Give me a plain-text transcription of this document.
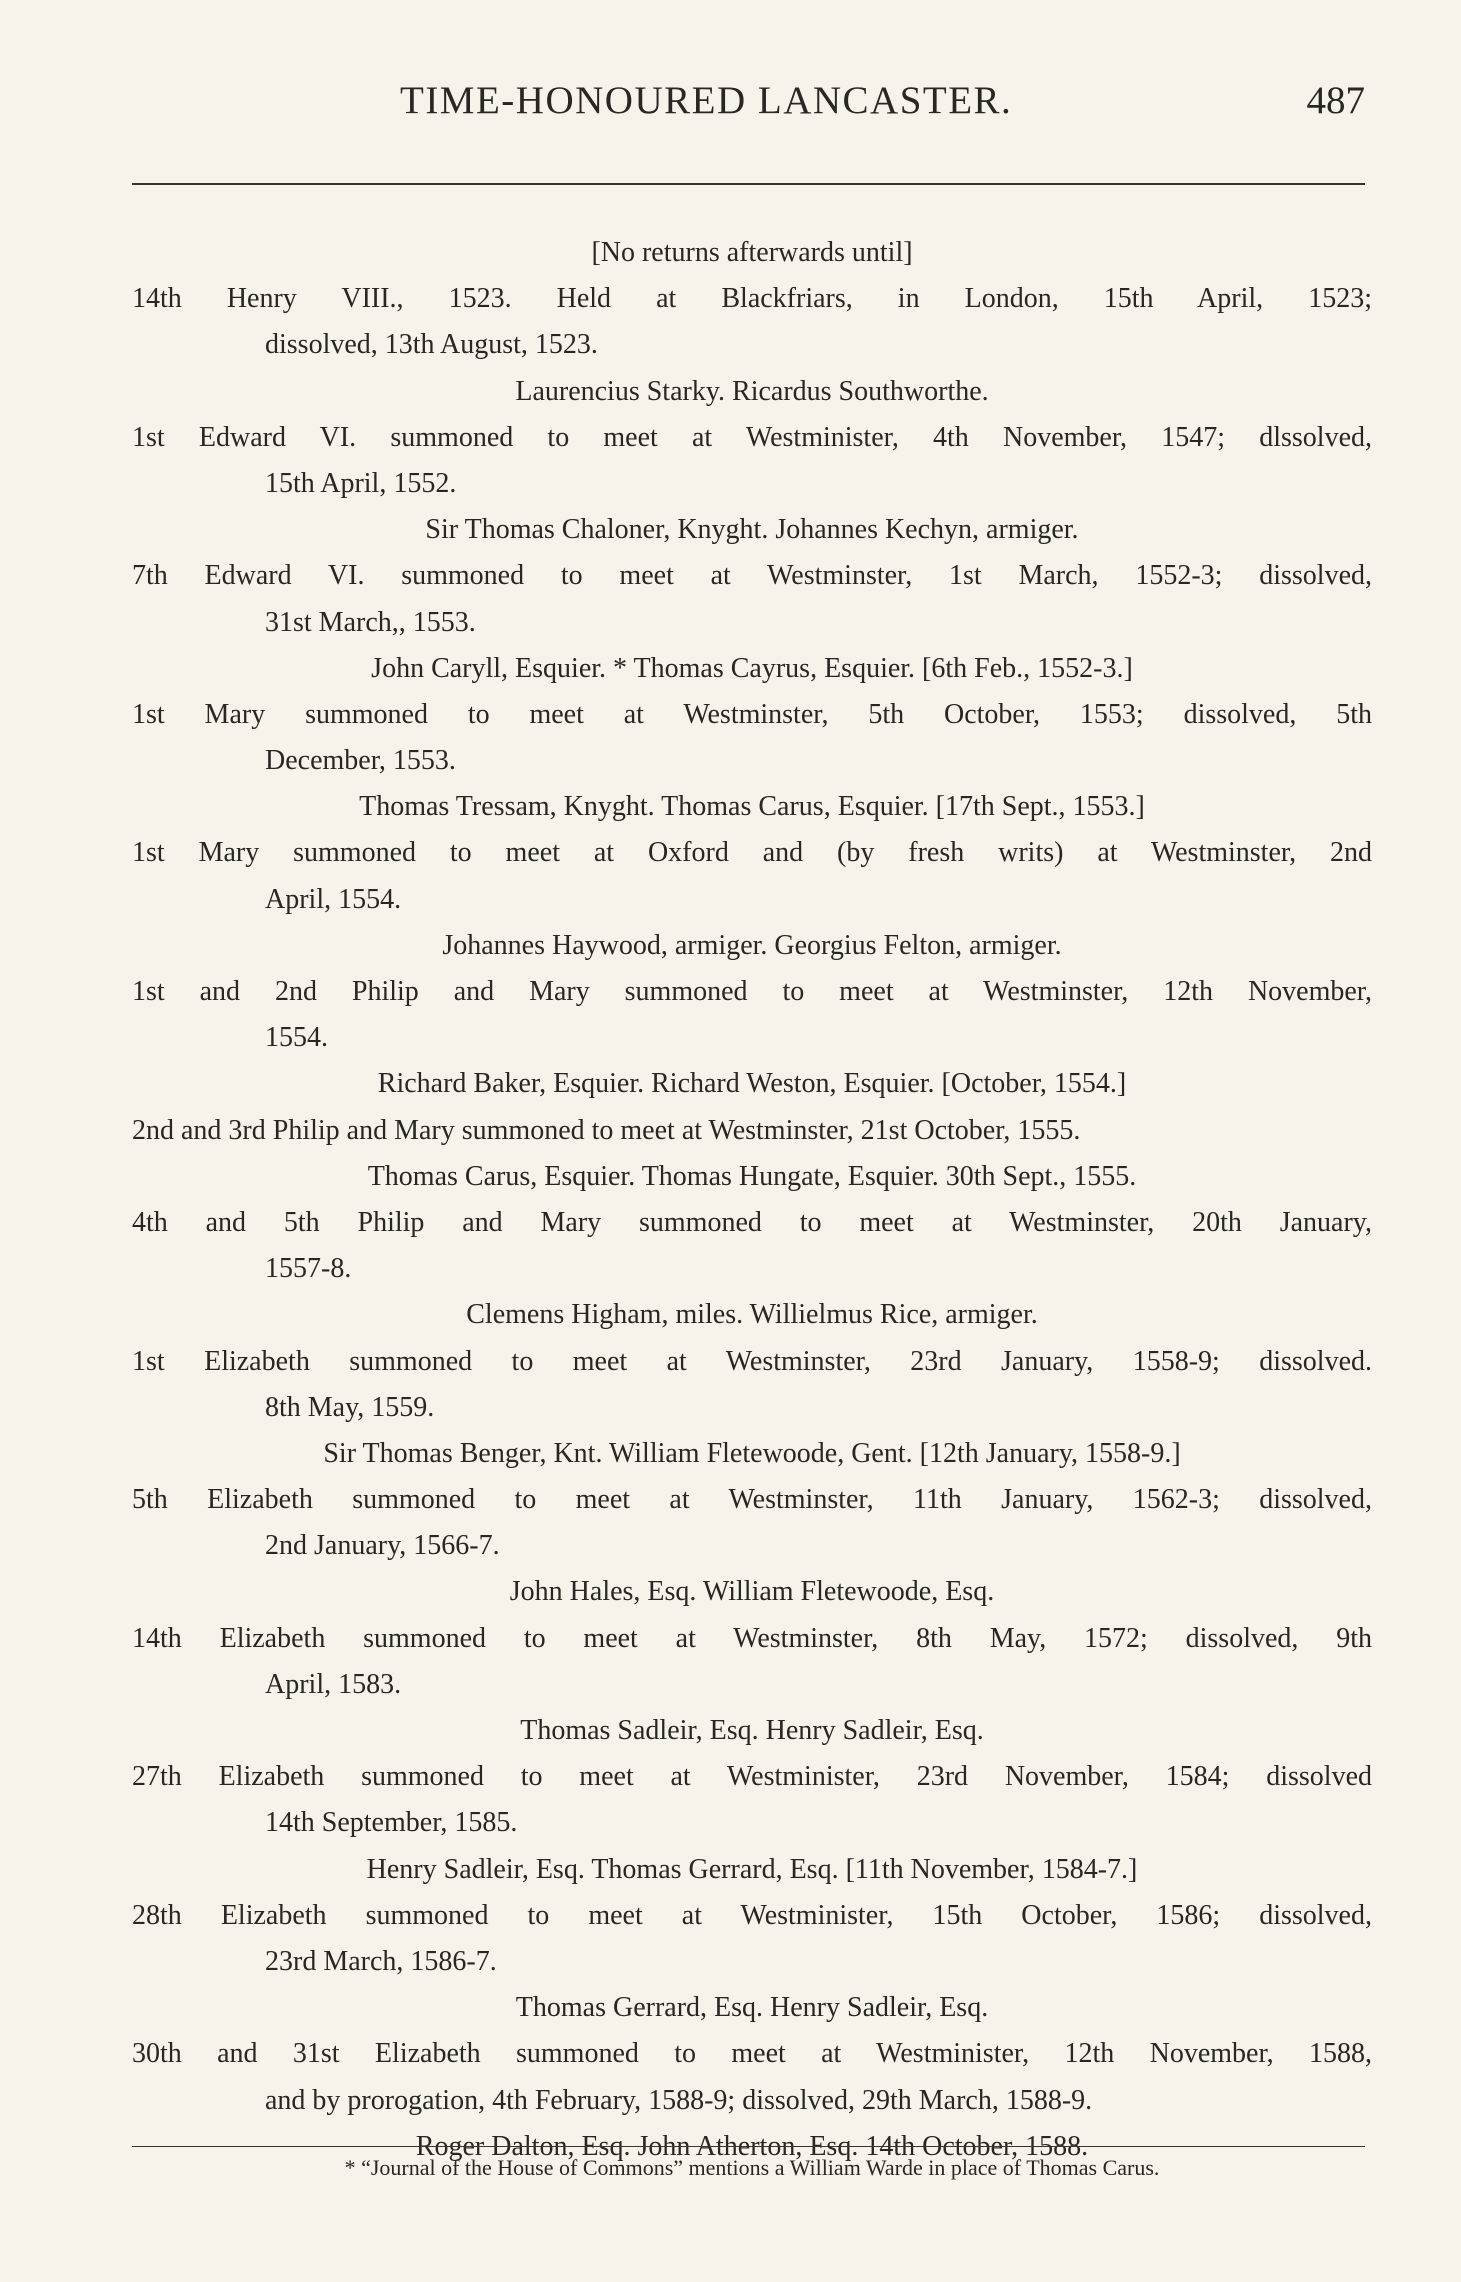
TIME-HONOURED LANCASTER.	487
[No returns afterwards until]
14th Henry VIII., 1523. Held at Blackfriars, in London, 15th April, 1523;
dissolved, 13th August, 1523.
Laurencius Starky. Ricardus Southworthe.
1st Edward VI. summoned to meet at Westminister, 4th November, 1547; dlssolved,
15th April, 1552.
Sir Thomas Chaloner, Knyght. Johannes Kechyn, armiger.
7th Edward VI. summoned to meet at Westminster, 1st March, 1552-3; dissolved,
31st March,, 1553.
John Caryll, Esquier. * Thomas Cayrus, Esquier. [6th Feb., 1552-3.]
1st Mary summoned to meet at Westminster, 5th October, 1553; dissolved, 5th
December, 1553.
Thomas Tressam, Knyght. Thomas Carus, Esquier. [17th Sept., 1553.]
1st Mary summoned to meet at Oxford and (by fresh writs) at Westminster, 2nd
April, 1554.
Johannes Haywood, armiger. Georgius Felton, armiger.
1st and 2nd Philip and Mary summoned to meet at Westminster, 12th November,
1554.
Richard Baker, Esquier. Richard Weston, Esquier. [October, 1554.]
2nd and 3rd Philip and Mary summoned to meet at Westminster, 21st October, 1555.
Thomas Carus, Esquier. Thomas Hungate, Esquier. 30th Sept., 1555.
4th and 5th Philip and Mary summoned to meet at Westminster, 20th January,
1557-8.
Clemens Higham, miles. Willielmus Rice, armiger.
1st Elizabeth summoned to meet at Westminster, 23rd January, 1558-9; dissolved.
8th May, 1559.
Sir Thomas Benger, Knt. William Fletewoode, Gent. [12th January, 1558-9.]
5th Elizabeth summoned to meet at Westminster, 11th January, 1562-3; dissolved,
2nd January, 1566-7.
John Hales, Esq. William Fletewoode, Esq.
14th Elizabeth summoned to meet at Westminster, 8th May, 1572; dissolved, 9th
April, 1583.
Thomas Sadleir, Esq. Henry Sadleir, Esq.
27th Elizabeth summoned to meet at Westminister, 23rd November, 1584; dissolved
14th September, 1585.
Henry Sadleir, Esq. Thomas Gerrard, Esq. [11th November, 1584-7.]
28th Elizabeth summoned to meet at Westminister, 15th October, 1586; dissolved,
23rd March, 1586-7.
Thomas Gerrard, Esq. Henry Sadleir, Esq.
30th and 31st Elizabeth summoned to meet at Westminister, 12th November, 1588,
and by prorogation, 4th February, 1588-9; dissolved, 29th March, 1588-9.
Roger Dalton, Esq. John Atherton, Esq. 14th October, 1588.
* “Journal of the House of Commons” mentions a William Warde in place of Thomas Carus.
